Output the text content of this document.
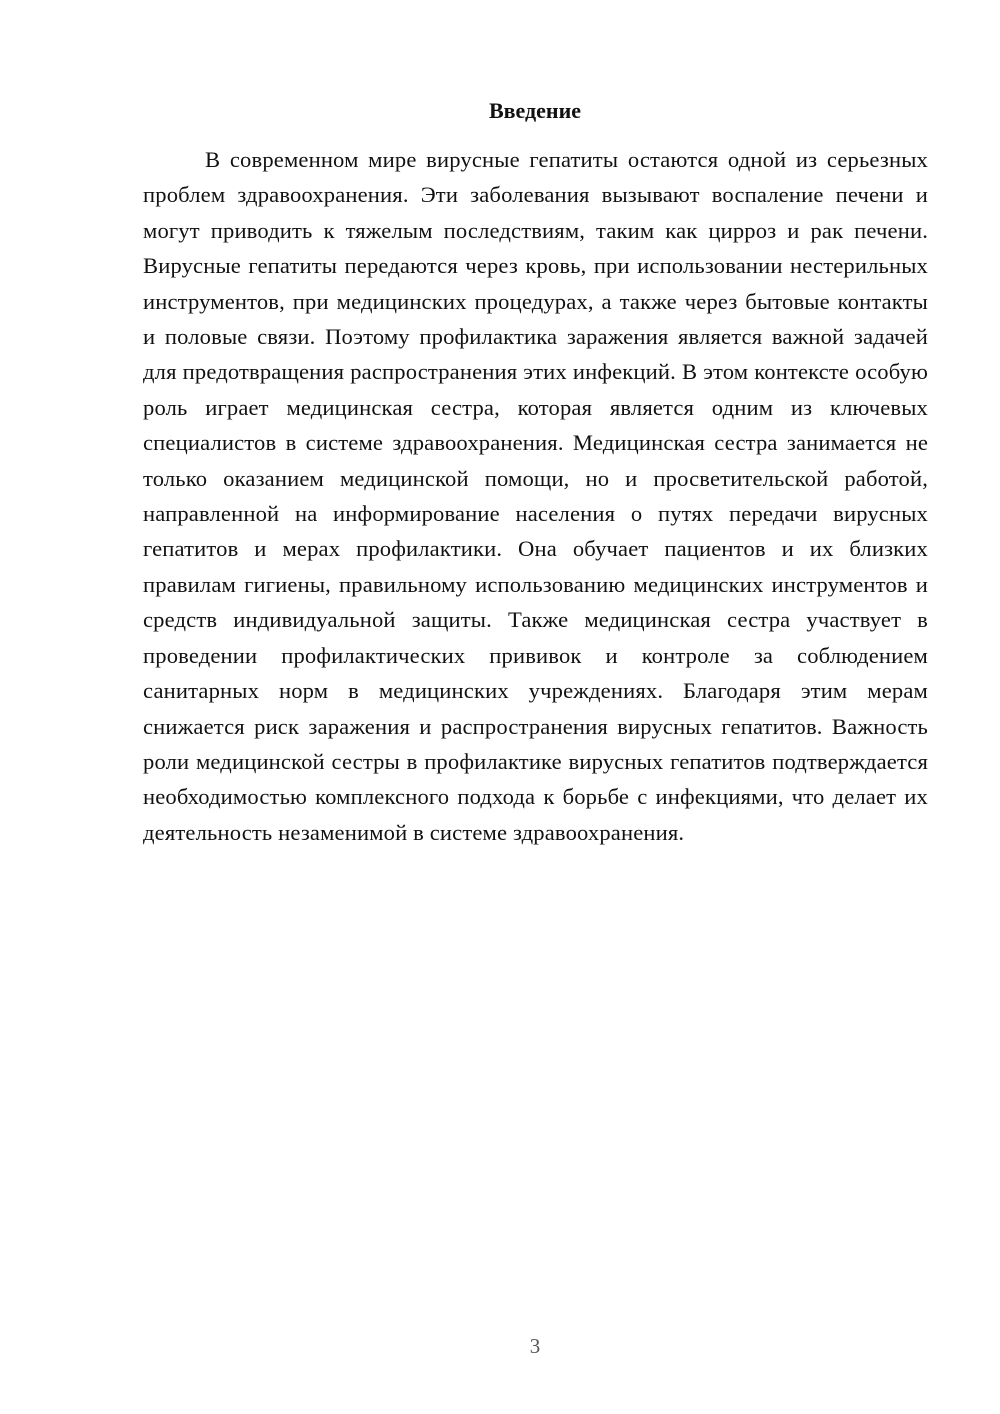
Введение

В современном мире вирусные гепатиты остаются одной из серьезных проблем здравоохранения. Эти заболевания вызывают воспаление печени и могут приводить к тяжелым последствиям, таким как цирроз и рак печени. Вирусные гепатиты передаются через кровь, при использовании нестерильных инструментов, при медицинских процедурах, а также через бытовые контакты и половые связи. Поэтому профилактика заражения является важной задачей для предотвращения распространения этих инфекций. В этом контексте особую роль играет медицинская сестра, которая является одним из ключевых специалистов в системе здравоохранения. Медицинская сестра занимается не только оказанием медицинской помощи, но и просветительской работой, направленной на информирование населения о путях передачи вирусных гепатитов и мерах профилактики. Она обучает пациентов и их близких правилам гигиены, правильному использованию медицинских инструментов и средств индивидуальной защиты. Также медицинская сестра участвует в проведении профилактических прививок и контроле за соблюдением санитарных норм в медицинских учреждениях. Благодаря этим мерам снижается риск заражения и распространения вирусных гепатитов. Важность роли медицинской сестры в профилактике вирусных гепатитов подтверждается необходимостью комплексного подхода к борьбе с инфекциями, что делает их деятельность незаменимой в системе здравоохранения.

3
